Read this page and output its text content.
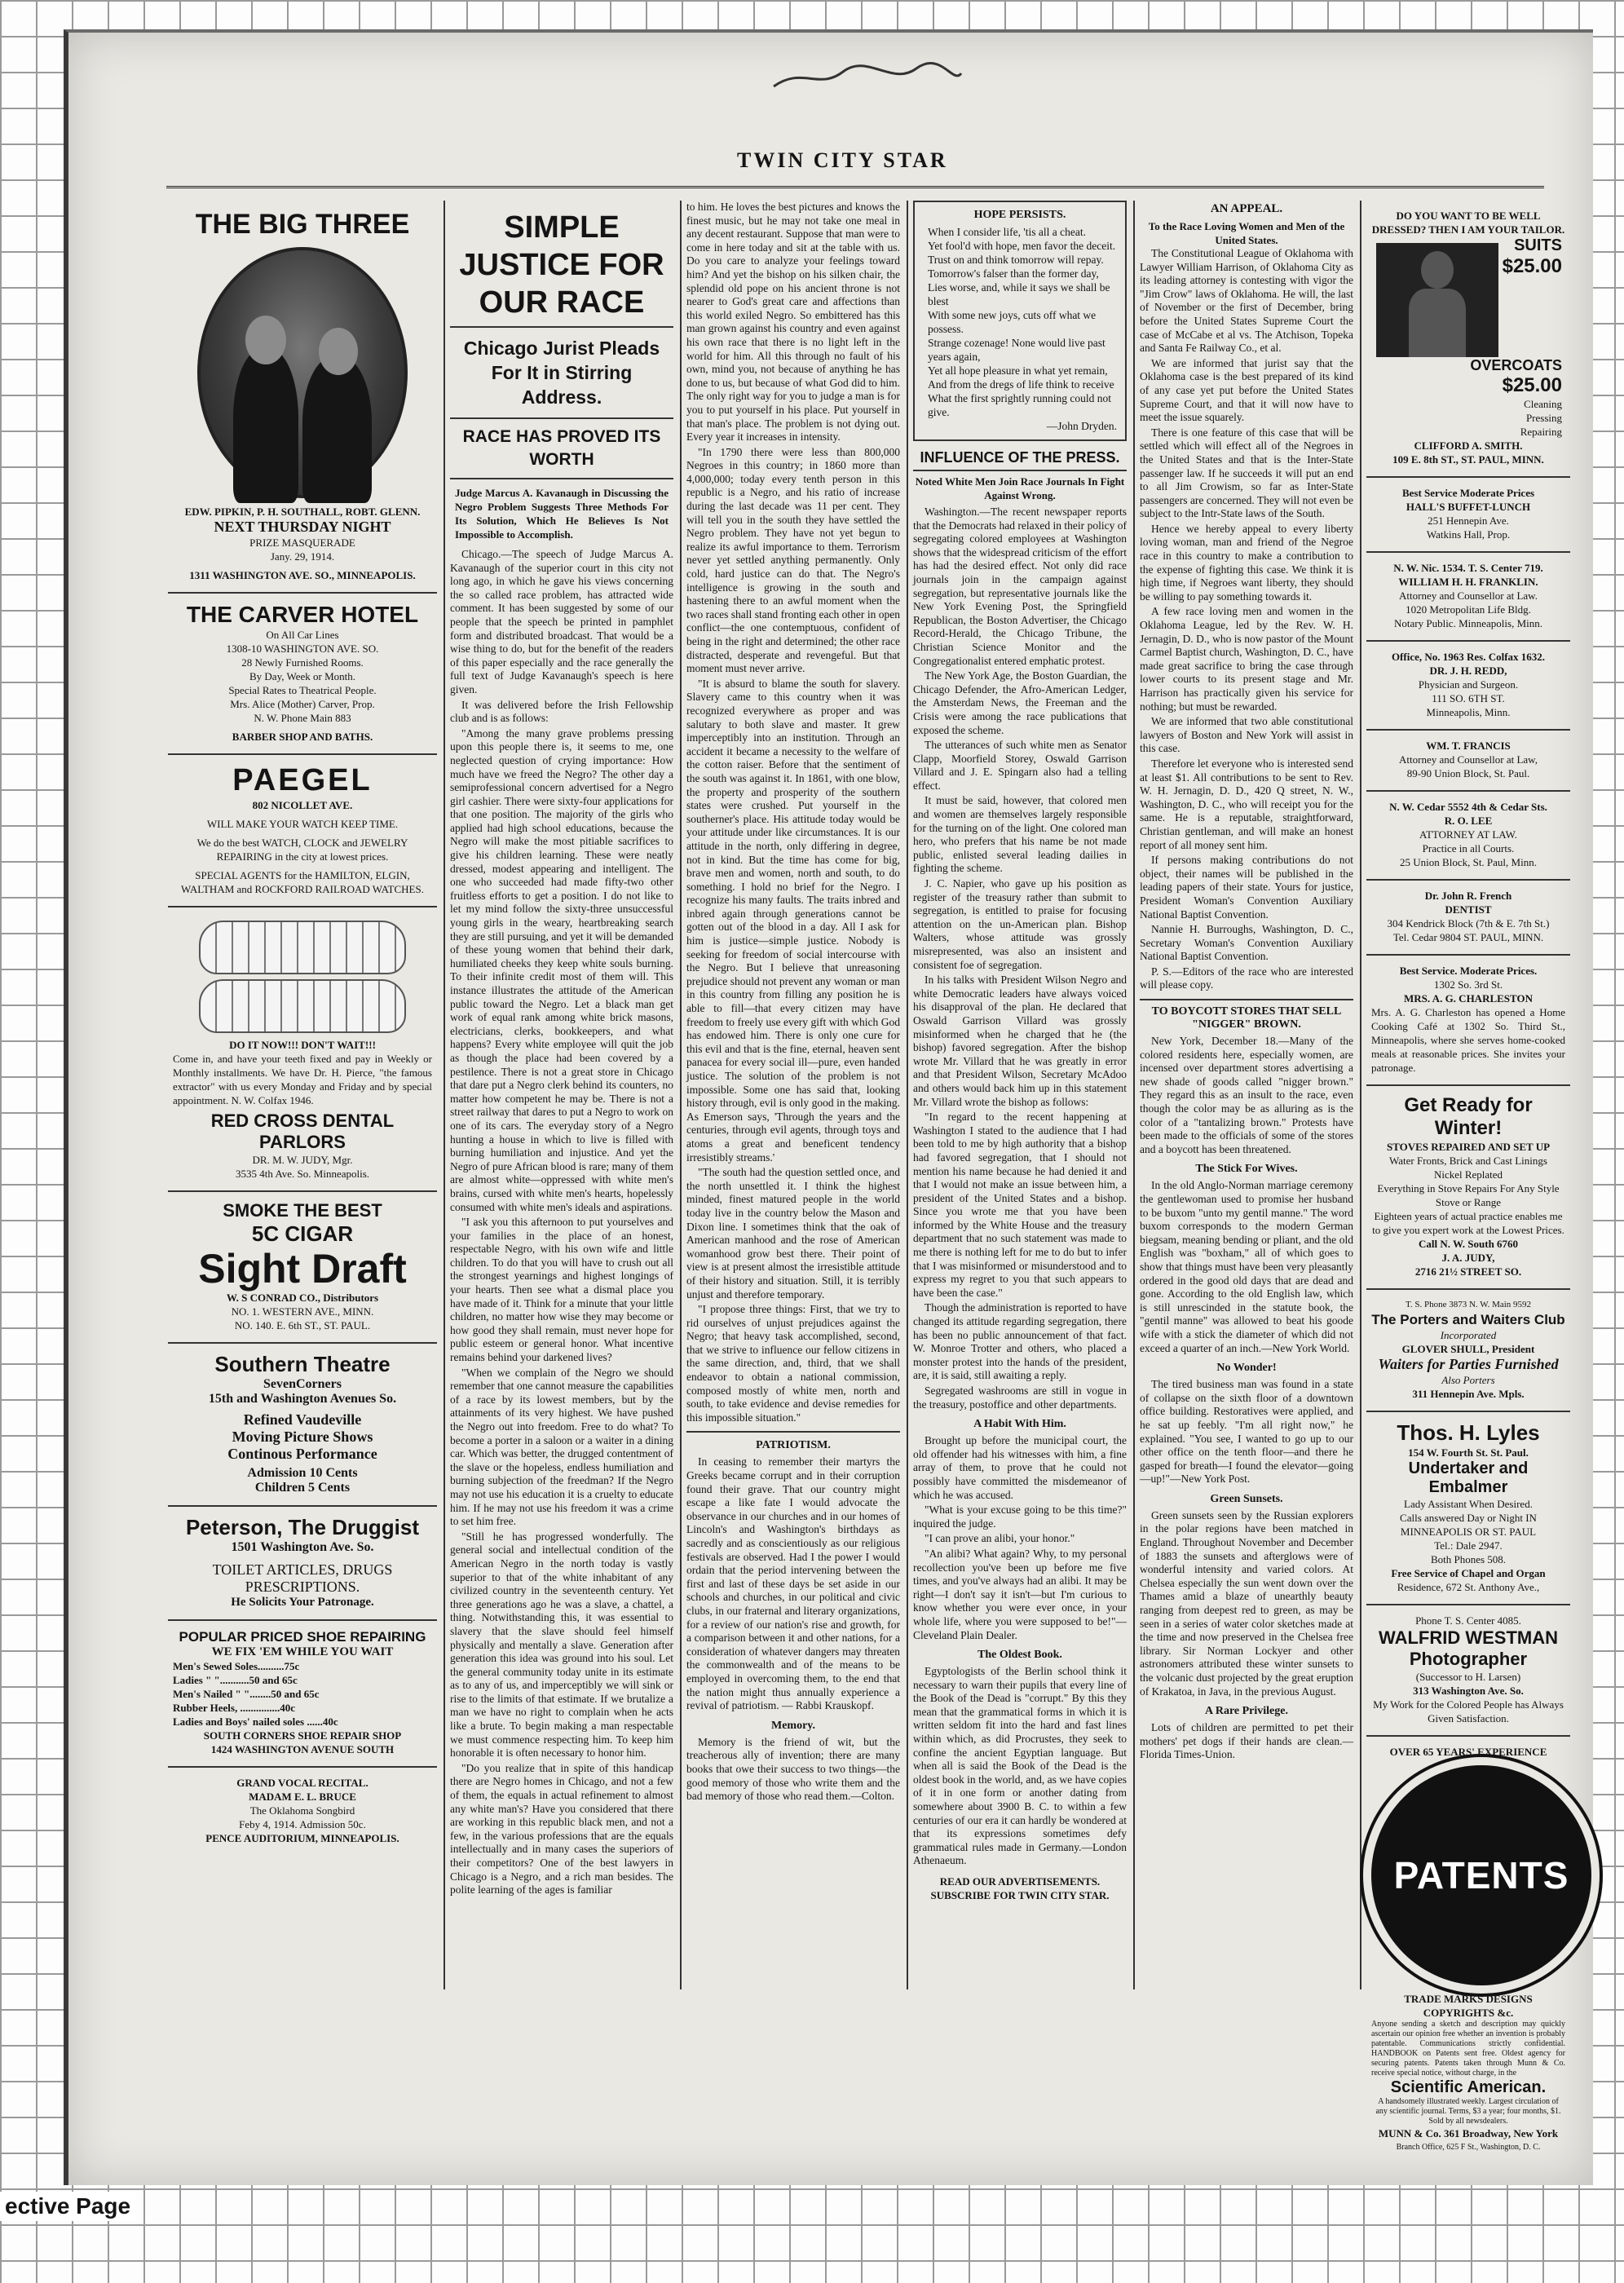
TWIN CITY STAR
THE BIG THREE
EDW. PIPKIN, P. H. SOUTHALL, ROBT. GLENN.
NEXT THURSDAY NIGHT
PRIZE MASQUERADE
Jany. 29, 1914.
1311 WASHINGTON AVE. SO., MINNEAPOLIS.
THE CARVER HOTEL
On All Car Lines
1308-10 WASHINGTON AVE. SO.
28 Newly Furnished Rooms.
By Day, Week or Month.
Special Rates to Theatrical People.
Mrs. Alice (Mother) Carver, Prop.
N. W. Phone Main 883
BARBER SHOP AND BATHS.
PAEGEL
802 NICOLLET AVE.
WILL MAKE YOUR WATCH KEEP TIME.
We do the best WATCH, CLOCK and JEWELRY REPAIRING in the city at lowest prices.
SPECIAL AGENTS for the HAMILTON, ELGIN, WALTHAM and ROCKFORD RAILROAD WATCHES.
DO IT NOW!!! DON'T WAIT!!!
Come in, and have your teeth fixed and pay in Weekly or Monthly installments. We have Dr. H. Pierce, "the famous extractor" with us every Monday and Friday and by special appointment. N. W. Colfax 1946.
RED CROSS DENTAL PARLORS
DR. M. W. JUDY, Mgr.
3535 4th Ave. So. Minneapolis.
SMOKE THE BEST
5C CIGAR
Sight Draft
W. S CONRAD CO., Distributors
NO. 1. WESTERN AVE., MINN.
NO. 140. E. 6th ST., ST. PAUL.
Southern Theatre
SevenCorners
15th and Washington Avenues So.
Refined Vaudeville
Moving Picture Shows
Continous Performance
Admission 10 Cents
Children 5 Cents
Peterson, The Druggist
1501 Washington Ave. So.
TOILET ARTICLES, DRUGS
PRESCRIPTIONS.
He Solicits Your Patronage.
POPULAR PRICED SHOE REPAIRING
WE FIX 'EM WHILE YOU WAIT
Men's Sewed Soles..........75c
Ladies " "...........50 and 65c
Men's Nailed " "........50 and 65c
Rubber Heels, ...............40c
Ladies and Boys' nailed soles ......40c
SOUTH CORNERS SHOE REPAIR SHOP
1424 WASHINGTON AVENUE SOUTH
GRAND VOCAL RECITAL.
MADAM E. L. BRUCE
The Oklahoma Songbird
Feby 4, 1914. Admission 50c.
PENCE AUDITORIUM, MINNEAPOLIS.
SIMPLE JUSTICE FOR OUR RACE
Chicago Jurist Pleads For It in Stirring Address.
RACE HAS PROVED ITS WORTH
Judge Marcus A. Kavanaugh in Discussing the Negro Problem Suggests Three Methods For Its Solution, Which He Believes Is Not Impossible to Accomplish.

Chicago.—The speech of Judge Marcus A. Kavanaugh of the superior court in this city not long ago, in which he gave his views concerning the so called race problem, has attracted wide comment. It has been suggested by some of our people that the speech be printed in pamphlet form and distributed broadcast. That would be a wise thing to do, but for the benefit of the readers of this paper especially and the race generally the full text of Judge Kavanaugh's speech is here given.

It was delivered before the Irish Fellowship club and is as follows:

"Among the many grave problems pressing upon this people there is, it seems to me, one neglected question of crying importance: How much have we freed the Negro? The other day a semiprofessional concern advertised for a Negro girl cashier. There were sixty-four applications for that one position. The majority of the girls who applied had high school educations, because the Negro will make the most pitiable sacrifices to give his children learning. These were neatly dressed, modest appearing and intelligent. The one who succeeded had made fifty-two other fruitless efforts to get a position. I do not like to let my mind follow the sixty-three unsuccessful young girls in the weary, heartbreaking search they are still pursuing, and yet it will be demanded of these young women that behind their dark, humiliated cheeks they keep white souls burning. To their infinite credit most of them will. This instance illustrates the attitude of the American public toward the Negro. Let a black man get work of equal rank among white brick masons, electricians, clerks, bookkeepers, and what happens? Every white employee will quit the job as though the place had been covered by a pestilence. There is not a great store in Chicago that dare put a Negro clerk behind its counters, no matter how competent he may be. There is not a street railway that dares to put a Negro to work on one of its cars. The everyday story of a Negro hunting a house in which to live is filled with burning humiliation and injustice. And yet the Negro of pure African blood is rare; many of them are almost white—oppressed with white men's brains, cursed with white men's hearts, hopelessly consumed with white men's ideals and aspirations.

"I ask you this afternoon to put yourselves and your families in the place of an honest, respectable Negro, with his own wife and little children. To do that you will have to crush out all the strongest yearnings and highest longings of your hearts. Then see what a dismal place you have made of it. Think for a minute that your little children, no matter how wise they may become or how good they shall remain, must never hope for public esteem or general honor. What incentive remains behind your darkened lives?

"When we complain of the Negro we should remember that one cannot measure the capabilities of a race by its lowest members, but by the attainments of its very highest. We have pushed the Negro out into freedom. Free to do what? To become a porter in a saloon or a waiter in a dining car. Which was better, the drugged contentment of the slave or the hopeless, endless humiliation and burning subjection of the freedman? If the Negro may not use his education it is a cruelty to educate him. If he may not use his freedom it was a crime to set him free.

"Still he has progressed wonderfully. The general social and intellectual condition of the American Negro in the north today is vastly superior to that of the white inhabitant of any civilized country in the seventeenth century. Yet three generations ago he was a slave, a chattel, a thing. Notwithstanding this, it was essential to slavery that the slave should feel himself physically and mentally a slave. Generation after generation this idea was ground into his soul. Let the general community today unite in its estimate as to any of us, and imperceptibly we will sink or rise to the limits of that estimate. If we brutalize a man we have no right to complain when he acts like a brute. To begin making a man respectable we must commence respecting him. To keep him honorable it is often necessary to honor him.

"Do you realize that in spite of this handicap there are Negro homes in Chicago, and not a few of them, the equals in actual refinement to almost any white man's? Have you considered that there are working in this republic black men, and not a few, in the various professions that are the equals intellectually and in many cases the superiors of their competitors? One of the best lawyers in Chicago is a Negro, and a rich man besides. The polite learning of the ages is familiar

to him. He loves the best pictures and knows the finest music, but he may not take one meal in any decent restaurant. Suppose that man were to come in here today and sit at the table with us. Do you care to analyze your feelings toward him? And yet the bishop on his silken chair, the splendid old pope on his ancient throne is not nearer to God's great care and affections than this world exiled Negro. So embittered has this man grown against his country and even against his own race that there is no light left in the world for him. All this through no fault of his own, mind you, not because of anything he has done to us, but because of what God did to him. The only right way for you to judge a man is for you to put yourself in his place. Put yourself in that man's place. The problem is not dying out. Every year it increases in intensity.

"In 1790 there were less than 800,000 Negroes in this country; in 1860 more than 4,000,000; today every tenth person in this republic is a Negro, and his ratio of increase during the last decade was 11 per cent. They will tell you in the south they have settled the Negro problem. They have not yet begun to realize its awful importance to them. Terrorism never yet settled anything permanently. Only cold, hard justice can do that. The Negro's intelligence is growing in the south and hastening there to an awful moment when the two races shall stand fronting each other in open conflict—the one contemptuous, confident of being in the right and determined; the other race distracted, desperate and revengeful. But that moment must never arrive.

"It is absurd to blame the south for slavery. Slavery came to this country when it was recognized everywhere as proper and was salutary to both slave and master. It grew imperceptibly into an institution. Through an accident it became a necessity to the welfare of the cotton raiser. Before that the sentiment of the south was against it. In 1861, with one blow, the property and prosperity of the southern states were crushed. Put yourself in the southerner's place. His attitude today would be your attitude under like circumstances. It is our attitude in the north, only differing in degree, not in kind. But the time has come for big, brave men and women, north and south, to do something. I hold no brief for the Negro. I recognize his many faults. The traits inbred and inbred again through generations cannot be gotten out of the blood in a day. All I ask for him is justice—simple justice. Nobody is seeking for freedom of social intercourse with the Negro. But I believe that unreasoning prejudice should not prevent any woman or man in this country from filling any position he is able to fill—that every citizen may have freedom to freely use every gift with which God has endowed him. There is only one cure for this evil and that is the fine, eternal, heaven sent panacea for every social ill—pure, even handed justice. The solution of the problem is not impossible. Some one has said that, looking history through, evil is only good in the making. As Emerson says, 'Through the years and the centuries, through evil agents, through toys and atoms a great and beneficent tendency irresistibly streams.'

"The south had the question settled once, and the north unsettled it. I think the highest minded, finest matured people in the world today live in the country below the Mason and Dixon line. I sometimes think that the oak of American manhood and the rose of American womanhood grow best there. Their point of view is at present almost the irresistible attitude of their history and situation. Still, it is terribly unjust and therefore temporary.

"I propose three things: First, that we try to rid ourselves of unjust prejudices against the Negro; that heavy task accomplished, second, that we strive to influence our fellow citizens in the same direction, and, third, that we shall endeavor to obtain a national commission, composed mostly of white men, north and south, to take evidence and devise remedies for this impossible situation."

PATRIOTISM.

In ceasing to remember their martyrs the Greeks became corrupt and in their corruption found their grave. That our country might escape a like fate I would advocate the observance in our churches and in our homes of Lincoln's and Washington's birthdays as sacredly and as conscientiously as our religious festivals are observed. Had I the power I would ordain that the period intervening between the first and last of these days be set aside in our schools and churches, in our political and civic clubs, in our fraternal and literary organizations, for a review of our nation's rise and growth, for a comparison between it and other nations, for a consideration of whatever dangers may threaten the commonwealth and of the means to be employed in overcoming them, to the end that the nation might thus annually experience a revival of patriotism. — Rabbi Krauskopf.

Memory.

Memory is the friend of wit, but the treacherous ally of invention; there are many books that owe their success to two things—the good memory of those who write them and the bad memory of those who read them.—Colton.

HOPE PERSISTS.
When I consider life, 'tis all a cheat.
Yet fool'd with hope, men favor the deceit.
Trust on and think tomorrow will repay.
Tomorrow's falser than the former day,
Lies worse, and, while it says we shall be blest
With some new joys, cuts off what we possess.
Strange cozenage! None would live past years again,
Yet all hope pleasure in what yet remain,
And from the dregs of life think to receive
What the first sprightly running could not give.
—John Dryden.
INFLUENCE OF THE PRESS.
Noted White Men Join Race Journals In Fight Against Wrong.

Washington.—The recent newspaper reports that the Democrats had relaxed in their policy of segregating colored employees at Washington shows that the widespread criticism of the effort has had the desired effect. Not only did race journals join in the campaign against segregation, but representative journals like the New York Evening Post, the Springfield Republican, the Boston Advertiser, the Chicago Record-Herald, the Chicago Tribune, the Christian Science Monitor and the Congregationalist entered emphatic protest.

The New York Age, the Boston Guardian, the Chicago Defender, the Afro-American Ledger, the Amsterdam News, the Freeman and the Crisis were among the race publications that exposed the scheme.

The utterances of such white men as Senator Clapp, Moorfield Storey, Oswald Garrison Villard and J. E. Spingarn also had a telling effect.

It must be said, however, that colored men and women are themselves largely responsible for the turning on of the light. One colored man hero, who prefers that his name be not made public, enlisted several leading dailies in fighting the scheme.

J. C. Napier, who gave up his position as register of the treasury rather than submit to segregation, is entitled to praise for focusing attention on the un-American plan. Bishop Walters, whose attitude was grossly misrepresented, was also an insistent and consistent foe of segregation.

In his talks with President Wilson Negro and white Democratic leaders have always voiced his disapproval of the plan. He declared that Oswald Garrison Villard was grossly misinformed when he charged that he (the bishop) favored segregation. After the bishop wrote Mr. Villard that he was greatly in error and that President Wilson, Secretary McAdoo and others would back him up in this statement Mr. Villard wrote the bishop as follows:

"In regard to the recent happening at Washington I stated to the audience that I had been told to me by high authority that a bishop had favored segregation, that I should not mention his name because he had denied it and that I would not make an issue between him, a president of the United States and a bishop. Since you wrote me that you have been informed by the White House and the treasury department that no such statement was made to me there is nothing left for me to do but to infer that I was misinformed or misunderstood and to express my regret to you that such appears to have been the case."

Though the administration is reported to have changed its attitude regarding segregation, there has been no public announcement of that fact. W. Monroe Trotter and others, who placed a monster protest into the hands of the president, are, it is said, still awaiting a reply.

Segregated washrooms are still in vogue in the treasury, postoffice and other departments.

A Habit With Him.

Brought up before the municipal court, the old offender had his witnesses with him, a fine array of them, to prove that he could not possibly have committed the misdemeanor of which he was accused.

"What is your excuse going to be this time?" inquired the judge.

"I can prove an alibi, your honor."

"An alibi? What again? Why, to my personal recollection you've been up before me five times, and you've always had an alibi. It may be right—I don't say it isn't—but I'm curious to know whether you were ever once, in your whole life, where you were supposed to be!"—Cleveland Plain Dealer.

The Oldest Book.

Egyptologists of the Berlin school think it necessary to warn their pupils that every line of the Book of the Dead is "corrupt." By this they mean that the grammatical forms in which it is written seldom fit into the hard and fast lines within which, as did Procrustes, they seek to confine the ancient Egyptian language. But when all is said the Book of the Dead is the oldest book in the world, and, as we have copies of it in one form or another dating from somewhere about 3900 B. C. to within a few centuries of our era it can hardly be wondered at that its expressions sometimes defy grammatical rules made in Germany.—London Athenaeum.

READ OUR ADVERTISEMENTS.
SUBSCRIBE FOR TWIN CITY STAR.
AN APPEAL.
To the Race Loving Women and Men of the United States.

The Constitutional League of Oklahoma with Lawyer William Harrison, of Oklahoma City as its leading attorney is contesting with vigor the "Jim Crow" laws of Oklahoma. He will, the last of November or the first of December, bring before the United States Supreme Court the case of McCabe et al vs. The Atchison, Topeka and Santa Fe Railway Co., et al.

We are informed that jurist say that the Oklahoma case is the best prepared of its kind of any case yet put before the United States Supreme Court, and that it will now have to meet the issue squarely.

There is one feature of this case that will be settled which will effect all of the Negroes in the United States and that is the Inter-State passenger law. If he succeeds it will put an end to all Jim Crowism, so far as Inter-State passengers are concerned. They will not even be subject to the Intr-State laws of the South.

Hence we hereby appeal to every liberty loving woman, man and friend of the Negroe race in this country to make a contribution to the expense of fighting this case. We think it is high time, if Negroes want liberty, they should be willing to pay something towards it.

A few race loving men and women in the Oklahoma League, led by the Rev. W. H. Jernagin, D. D., who is now pastor of the Mount Carmel Baptist church, Washington, D. C., have made great sacrifice to bring the case through lower courts to its present stage and Mr. Harrison has practically given his service for nothing; but must be rewarded.

We are informed that two able constitutional lawyers of Boston and New York will assist in this case.

Therefore let everyone who is interested send at least $1. All contributions to be sent to Rev. W. H. Jernagin, D. D., 420 Q street, N. W., Washington, D. C., who will receipt you for the same. He is a reputable, straightforward, Christian gentleman, and will make an honest report of all money sent him.

If persons making contributions do not object, their names will be published in the leading papers of their state. Yours for justice, President Woman's Convention Auxiliary National Baptist Convention.

Nannie H. Burroughs, Washington, D. C., Secretary Woman's Convention Auxiliary National Baptist Convention.

P. S.—Editors of the race who are interested will please copy.

TO BOYCOTT STORES THAT SELL "NIGGER" BROWN.

New York, December 18.—Many of the colored residents here, especially women, are incensed over department stores advertising a new shade of goods called "nigger brown." They regard this as an insult to the race, even though the color may be as alluring as is the color of a "tantalizing brown." Protests have been made to the officials of some of the stores and a boycott has been threatened.

The Stick For Wives.

In the old Anglo-Norman marriage ceremony the gentlewoman used to promise her husband to be buxom "unto my gentil manne." The word buxom corresponds to the modern German biegsam, meaning bending or pliant, and the old English was "boxham," all of which goes to show that things must have been very pleasantly ordered in the good old days that are dead and gone. According to the old English law, which is still unrescinded in the statute book, the "gentil manne" was allowed to beat his goode wife with a stick the diameter of which did not exceed a quarter of an inch.—New York World.

No Wonder!

The tired business man was found in a state of collapse on the sixth floor of a downtown office building. Restoratives were applied, and he sat up feebly. "I'm all right now," he explained. "You see, I wanted to go up to our other office on the tenth floor—and there he gasped for breath—I found the elevator—going—up!"—New York Post.

Green Sunsets.

Green sunsets seen by the Russian explorers in the polar regions have been matched in England. Throughout November and December of 1883 the sunsets and afterglows were of wonderful intensity and varied colors. At Chelsea especially the sun went down over the Thames amid a blaze of unearthly beauty ranging from deepest red to green, as may be seen in a series of water color sketches made at the time and now preserved in the Chelsea free library. Sir Norman Lockyer and other astronomers attributed these winter sunsets to the volcanic dust projected by the great eruption of Krakatoa, in Java, in the previous August.

A Rare Privilege.

Lots of children are permitted to pet their mothers' pet dogs if their hands are clean.—Florida Times-Union.

DO YOU WANT TO BE WELL DRESSED? THEN I AM YOUR TAILOR.
SUITS
$25.00
OVERCOATS
$25.00
Cleaning
Pressing
Repairing
CLIFFORD A. SMITH.
109 E. 8th ST., ST. PAUL, MINN.
Best Service Moderate Prices
HALL'S BUFFET-LUNCH
251 Hennepin Ave.
Watkins Hall, Prop.
N. W. Nic. 1534. T. S. Center 719.
WILLIAM H. H. FRANKLIN.
Attorney and Counsellor at Law.
1020 Metropolitan Life Bldg.
Notary Public. Minneapolis, Minn.
Office, No. 1963 Res. Colfax 1632.
DR. J. H. REDD,
Physician and Surgeon.
111 SO. 6TH ST.
Minneapolis, Minn.
WM. T. FRANCIS
Attorney and Counsellor at Law,
89-90 Union Block, St. Paul.
N. W. Cedar 5552 4th & Cedar Sts.
R. O. LEE
ATTORNEY AT LAW.
Practice in all Courts.
25 Union Block, St. Paul, Minn.
Dr. John R. French
DENTIST
304 Kendrick Block (7th & E. 7th St.)
Tel. Cedar 9804 ST. PAUL, MINN.
Best Service. Moderate Prices.
1302 So. 3rd St.
MRS. A. G. CHARLESTON
Mrs. A. G. Charleston has opened a Home Cooking Café at 1302 So. Third St., Minneapolis, where she serves home-cooked meals at reasonable prices. She invites your patronage.
Get Ready for Winter!
STOVES REPAIRED AND SET UP
Water Fronts, Brick and Cast Linings
Nickel Replated
Everything in Stove Repairs For Any Style Stove or Range
Eighteen years of actual practice enables me to give you expert work at the Lowest Prices.
Call N. W. South 6760
J. A. JUDY,
2716 21½ STREET SO.
T. S. Phone 3873 N. W. Main 9592
The Porters and Waiters Club
Incorporated
GLOVER SHULL, President
Waiters for Parties Furnished
Also Porters
311 Hennepin Ave. Mpls.
Thos. H. Lyles
154 W. Fourth St. St. Paul.
Undertaker and Embalmer
Lady Assistant When Desired.
Calls answered Day or Night IN MINNEAPOLIS OR ST. PAUL
Tel.: Dale 2947.
Both Phones 508.
Free Service of Chapel and Organ
Residence, 672 St. Anthony Ave.,
Phone T. S. Center 4085.
WALFRID WESTMAN
Photographer
(Successor to H. Larsen)
313 Washington Ave. So.
My Work for the Colored People has Always Given Satisfaction.
OVER 65 YEARS' EXPERIENCE
PATENTS
TRADE MARKS DESIGNS COPYRIGHTS &c.
Anyone sending a sketch and description may quickly ascertain our opinion free whether an invention is probably patentable. Communications strictly confidential. HANDBOOK on Patents sent free. Oldest agency for securing patents. Patents taken through Munn & Co. receive special notice, without charge, in the
Scientific American.
A handsomely illustrated weekly. Largest circulation of any scientific journal. Terms, $3 a year; four months, $1. Sold by all newsdealers.
MUNN & Co. 361 Broadway, New York
Branch Office, 625 F St., Washington, D. C.
ective Page
